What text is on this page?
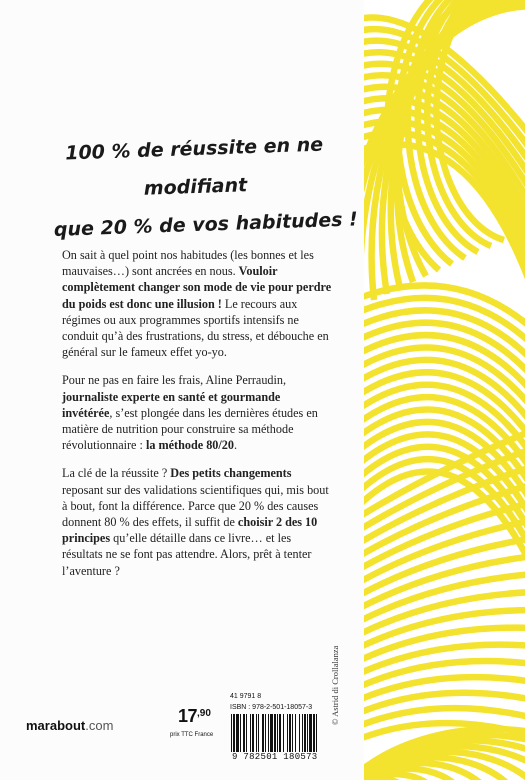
100 % de réussite en ne modifiant
que 20 % de vos habitudes !

On sait à quel point nos habitudes (les bonnes et les mauvaises…) sont ancrées en nous. Vouloir complètement changer son mode de vie pour perdre du poids est donc une illusion ! Le recours aux régimes ou aux programmes sportifs intensifs ne conduit qu’à des frustrations, du stress, et débouche en général sur le fameux effet yo-yo.

Pour ne pas en faire les frais, Aline Perraudin, journaliste experte en santé et gourmande invétérée, s’est plongée dans les dernières études en matière de nutrition pour construire sa méthode révolutionnaire : la méthode 80/20.

La clé de la réussite ? Des petits changements reposant sur des validations scientifiques qui, mis bout à bout, font la différence. Parce que 20 % des causes donnent 80 % des effets, il suffit de choisir 2 des 10 principes qu’elle détaille dans ce livre… et les résultats ne se font pas attendre. Alors, prêt à tenter l’aventure ?

marabout.com	$17^{,90}$
prix TTC France
41 9791 8
ISBN : 978-2-501-18057-3
9 782501 180573
© Astrid di Crollalanza
